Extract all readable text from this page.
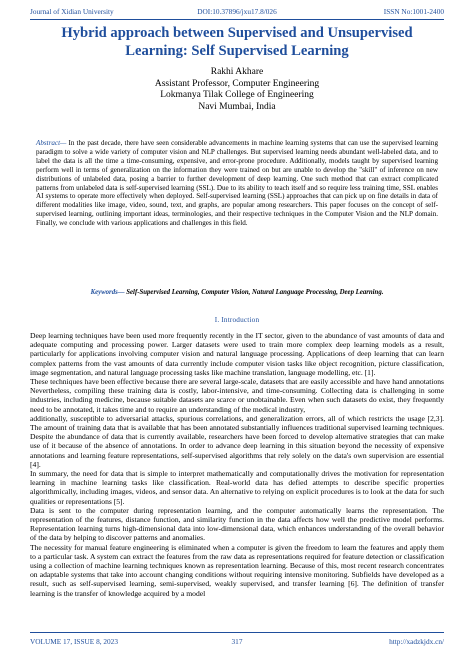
Journal of Xidian University	DOI:10.37896/jxu17.8/026	ISSN No:1001-2400
Hybrid approach between Supervised and Unsupervised Learning: Self Supervised Learning
Rakhi Akhare
Assistant Professor, Computer Engineering
Lokmanya Tilak College of Engineering
Navi Mumbai, India
Abstract— In the past decade, there have seen considerable advancements in machine learning systems that can use the supervised learning paradigm to solve a wide variety of computer vision and NLP challenges. But supervised learning needs abundant well-labeled data, and to label the data is all the time a time-consuming, expensive, and error-prone procedure. Additionally, models taught by supervised learning perform well in terms of generalization on the information they were trained on but are unable to develop the "skill" of inference on new distributions of unlabeled data, posing a barrier to further development of deep learning. One such method that can extract complicated patterns from unlabeled data is self-supervised learning (SSL). Due to its ability to teach itself and so require less training time, SSL enables AI systems to operate more effectively when deployed. Self-supervised learning (SSL) approaches that can pick up on fine details in data of different modalities like image, video, sound, text, and graphs, are popular among researchers. This paper focuses on the concept of self-supervised learning, outlining important ideas, terminologies, and their respective techniques in the Computer Vision and the NLP domain. Finally, we conclude with various applications and challenges in this field.
Keywords— Self-Supervised Learning, Computer Vision, Natural Language Processing, Deep Learning.
I. Introduction

Deep learning techniques have been used more frequently recently in the IT sector, given to the abundance of vast amounts of data and adequate computing and processing power. Larger datasets were used to train more complex deep learning models as a result, particularly for applications involving computer vision and natural language processing. Applications of deep learning that can learn complex patterns from the vast amounts of data currently include computer vision tasks like object recognition, picture classification, image segmentation, and natural language processing tasks like machine translation, language modelling, etc. [1].

These techniques have been effective because there are several large-scale, datasets that are easily accessible and have hand annotations Nevertheless, compiling these training data is costly, labor-intensive, and time-consuming. Collecting data is challenging in some industries, including medicine, because suitable datasets are scarce or unobtainable. Even when such datasets do exist, they frequently need to be annotated, it takes time and to require an understanding of the medical industry,

additionally, susceptible to adversarial attacks, spurious correlations, and generalization errors, all of which restricts the usage [2,3]. The amount of training data that is available that has been annotated substantially influences traditional supervised learning techniques. Despite the abundance of data that is currently available, researchers have been forced to develop alternative strategies that can make use of it because of the absence of annotations. In order to advance deep learning in this situation beyond the necessity of expensive annotations and learning feature representations, self-supervised algorithms that rely solely on the data's own supervision are essential [4].

In summary, the need for data that is simple to interpret mathematically and computationally drives the motivation for representation learning in machine learning tasks like classification. Real-world data has defied attempts to describe specific properties algorithmically, including images, videos, and sensor data. An alternative to relying on explicit procedures is to look at the data for such qualities or representations [5].

Data is sent to the computer during representation learning, and the computer automatically learns the representation. The representation of the features, distance function, and similarity function in the data affects how well the predictive model performs. Representation learning turns high-dimensional data into low-dimensional data, which enhances understanding of the overall behavior of the data by helping to discover patterns and anomalies.

The necessity for manual feature engineering is eliminated when a computer is given the freedom to learn the features and apply them to a particular task. A system can extract the features from the raw data as representations required for feature detection or classification using a collection of machine learning techniques known as representation learning. Because of this, most recent research concentrates on adaptable systems that take into account changing conditions without requiring intensive monitoring. Subfields have developed as a result, such as self-supervised learning, semi-supervised, weakly supervised, and transfer learning [6]. The definition of transfer learning is the transfer of knowledge acquired by a model

VOLUME 17, ISSUE 8, 2023	317	http://xadzkjdx.cn/
